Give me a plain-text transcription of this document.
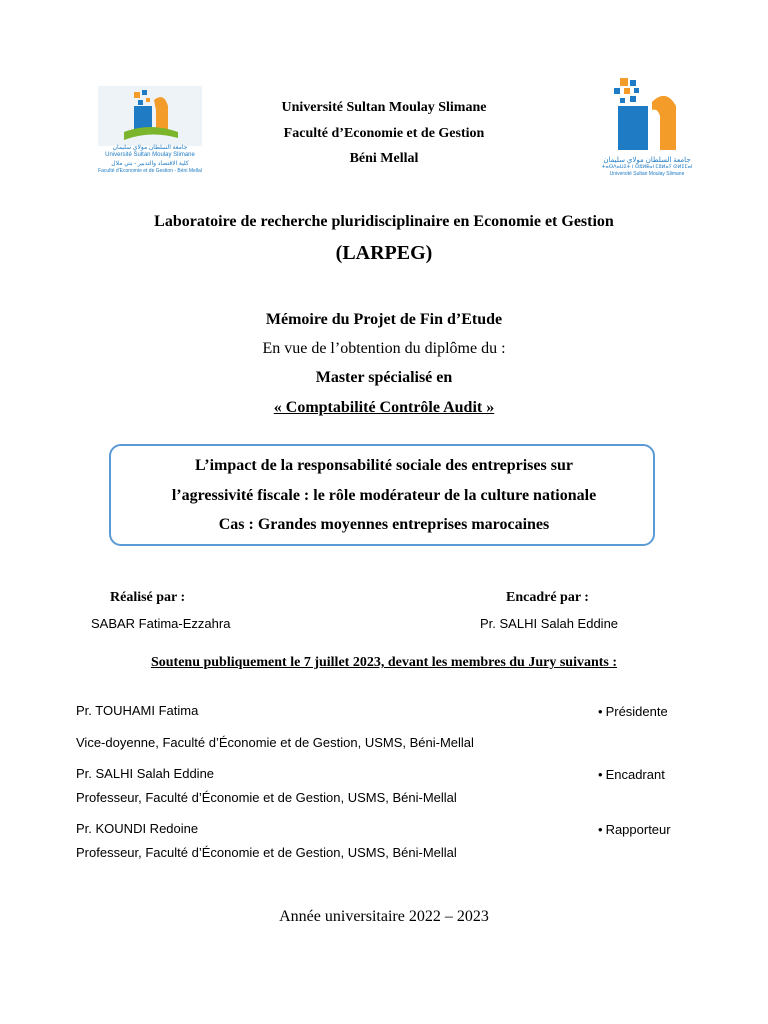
جامعة السلطان مولاي سليمان
Université Sultan Moulay Slimane
كلية الاقتصاد والتدبير - بني ملال
Faculté d'Economie et de Gestion - Béni Mellal
جامعة السلطان مولاي سليمان
ⵜⴰⵙⴷⴰⵡⵉⵜ ⵏ ⵙⵓⵍⵟⴰⵏ ⵎⵓⵍⴰⵢ ⵙⵍⵉⵎⴰⵏ
Université Sultan Moulay Slimane
Université Sultan Moulay Slimane
Faculté d’Economie et de Gestion
Béni Mellal
Laboratoire de recherche pluridisciplinaire en Economie et Gestion
(LARPEG)
Mémoire du Projet de Fin d’Etude
En vue de l’obtention du diplôme du :
Master spécialisé en
« Comptabilité Contrôle Audit »
L’impact de la responsabilité sociale des entreprises sur
l’agressivité fiscale : le rôle modérateur de la culture nationale
Cas : Grandes moyennes entreprises marocaines
Réalisé par :
SABAR Fatima-Ezzahra
Encadré par :
Pr. SALHI Salah Eddine
Soutenu publiquement le 7 juillet 2023, devant les membres du Jury suivants :
Pr. TOUHAMI Fatima	• Présidente
Vice-doyenne, Faculté d’Économie et de Gestion, USMS, Béni-Mellal
Pr. SALHI Salah Eddine	• Encadrant
Professeur, Faculté d’Économie et de Gestion, USMS, Béni-Mellal
Pr. KOUNDI Redoine	• Rapporteur
Professeur, Faculté d’Économie et de Gestion, USMS, Béni-Mellal
Année universitaire 2022 – 2023
